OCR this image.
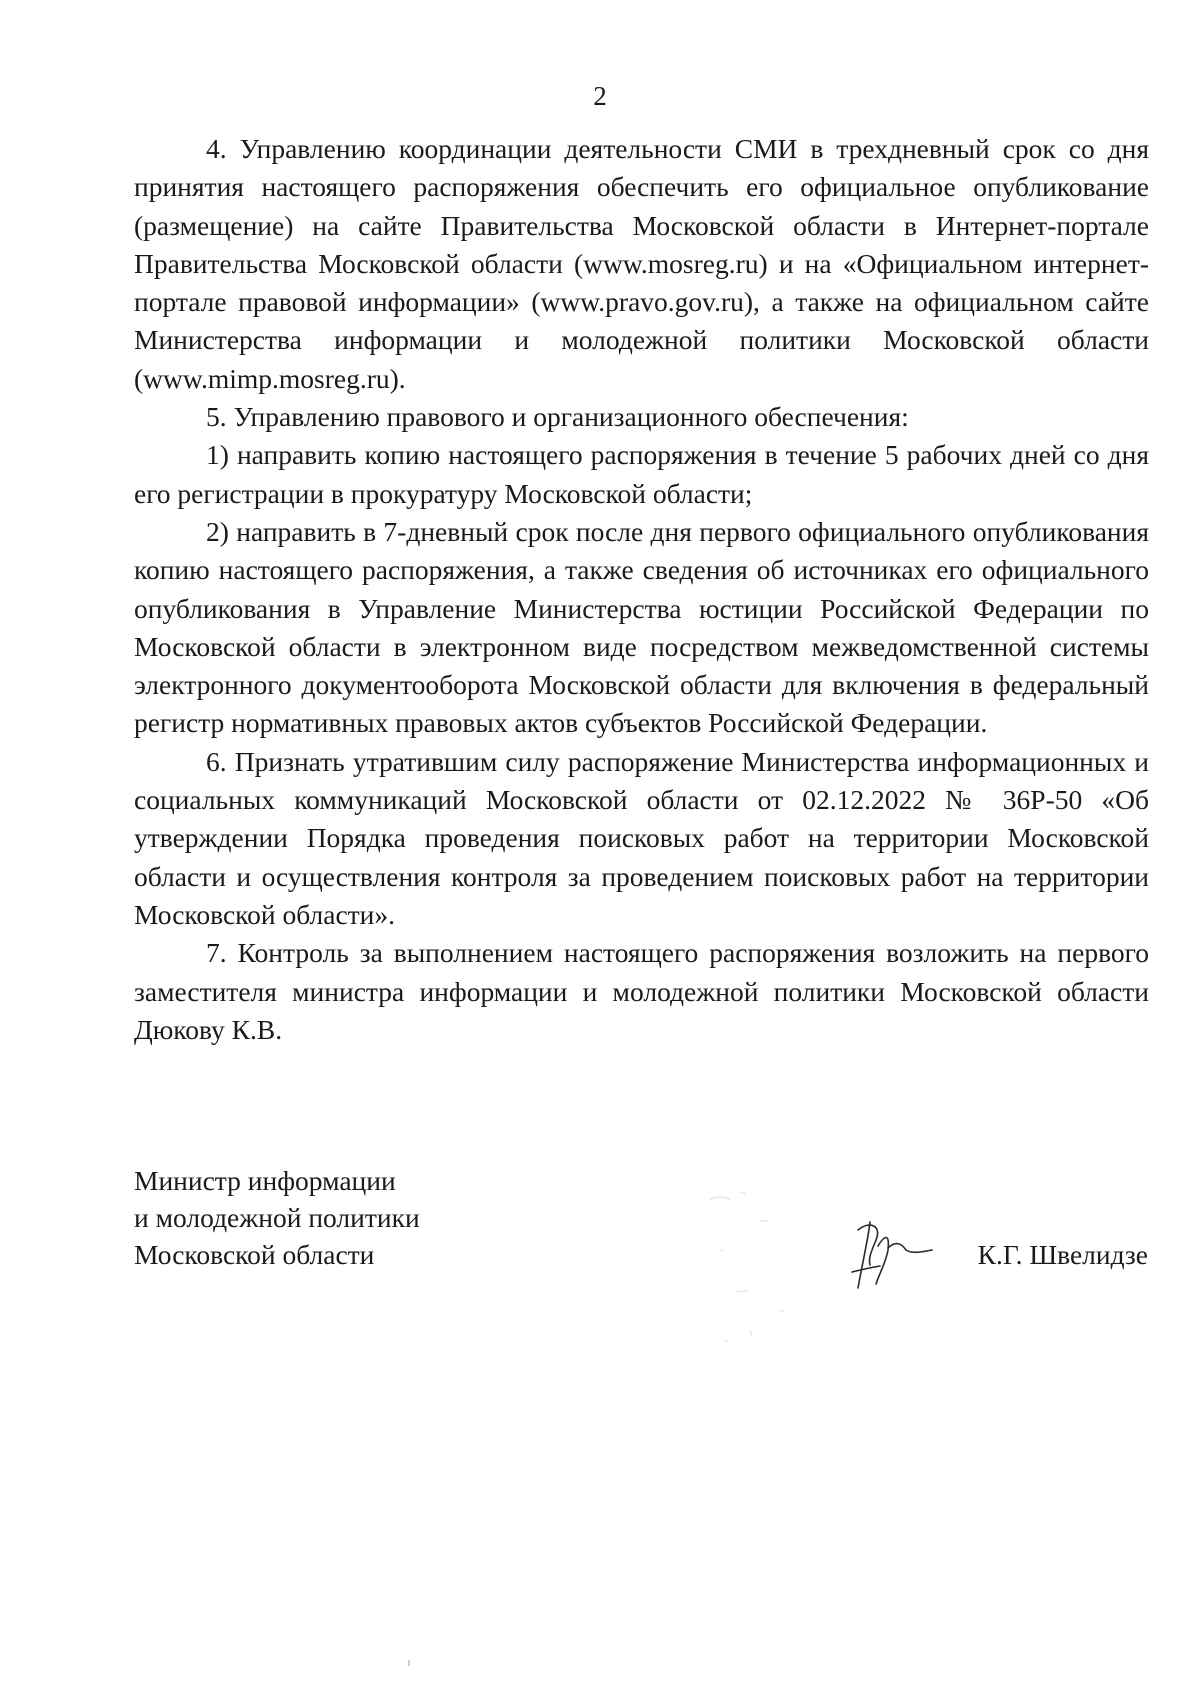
2

4. Управлению координации деятельности СМИ в трехдневный срок со дня принятия настоящего распоряжения обеспечить его официальное опубликование (размещение) на сайте Правительства Московской области в Интернет-портале Правительства Московской области (www.mosreg.ru) и на «Официальном интернет-портале правовой информации» (www.pravo.gov.ru), а также на официальном сайте Министерства информации и молодежной политики Московской области (www.mimp.mosreg.ru).

5. Управлению правового и организационного обеспечения:

1) направить копию настоящего распоряжения в течение 5 рабочих дней со дня его регистрации в прокуратуру Московской области;

2) направить в 7-дневный срок после дня первого официального опубликования копию настоящего распоряжения, а также сведения об источниках его официального опубликования в Управление Министерства юстиции Российской Федерации по Московской области в электронном виде посредством межведомственной системы электронного документооборота Московской области для включения в федеральный регистр нормативных правовых актов субъектов Российской Федерации.

6. Признать утратившим силу распоряжение Министерства информационных и социальных коммуникаций Московской области от 02.12.2022 № 36Р-50 «Об утверждении Порядка проведения поисковых работ на территории Московской области и осуществления контроля за проведением поисковых работ на территории Московской области».

7. Контроль за выполнением настоящего распоряжения возложить на первого заместителя министра информации и молодежной политики Московской области Дюкову К.В.

Министр информации
и молодежной политики
Московской области	К.Г. Швелидзе
